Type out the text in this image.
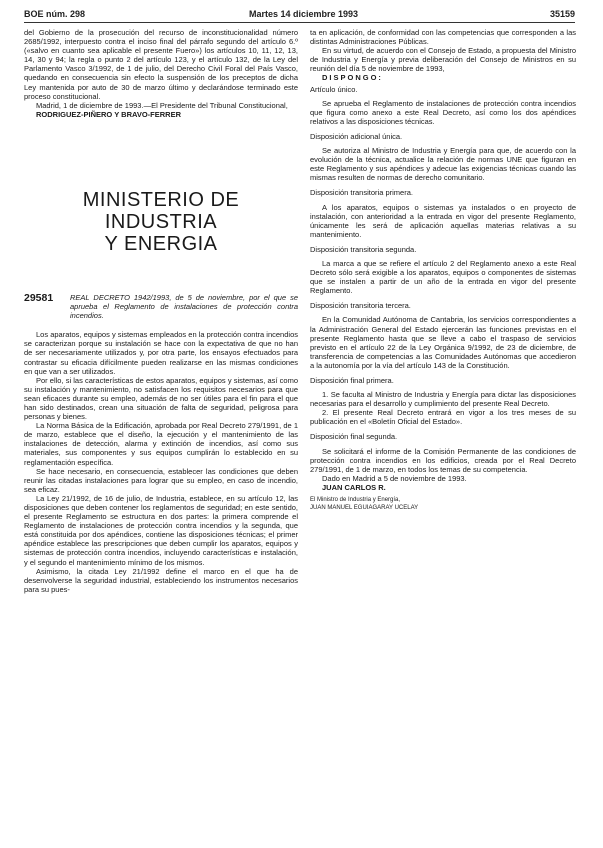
BOE núm. 298	Martes 14 diciembre 1993	35159

del Gobierno de la prosecución del recurso de inconstitucionalidad número 2685/1992, interpuesto contra el inciso final del párrafo segundo del artículo 6.º («salvo en cuanto sea aplicable el presente Fuero») los artículos 10, 11, 12, 13, 14, 30 y 94; la regla o punto 2 del artículo 123, y el artículo 132, de la Ley del Parlamento Vasco 3/1992, de 1 de julio, del Derecho Civil Foral del País Vasco, quedando en consecuencia sin efecto la suspensión de los preceptos de dicha Ley mantenida por auto de 30 de marzo último y declarándose terminado este proceso constitucional.

Madrid, 1 de diciembre de 1993.—El Presidente del Tribunal Constitucional,

RODRIGUEZ-PIÑERO Y BRAVO-FERRER

MINISTERIO DE INDUSTRIA
Y ENERGIA
29581	REAL DECRETO 1942/1993, de 5 de noviembre, por el que se aprueba el Reglamento de instalaciones de protección contra incendios.

Los aparatos, equipos y sistemas empleados en la protección contra incendios se caracterizan porque su instalación se hace con la expectativa de que no han de ser necesariamente utilizados y, por otra parte, los ensayos efectuados para contrastar su eficacia difícilmente pueden realizarse en las mismas condiciones en que van a ser utilizados.

Por ello, si las características de estos aparatos, equipos y sistemas, así como su instalación y mantenimiento, no satisfacen los requisitos necesarios para que sean eficaces durante su empleo, además de no ser útiles para el fin para el que han sido destinados, crean una situación de falta de seguridad, peligrosa para personas y bienes.

La Norma Básica de la Edificación, aprobada por Real Decreto 279/1991, de 1 de marzo, establece que el diseño, la ejecución y el mantenimiento de las instalaciones de detección, alarma y extinción de incendios, así como sus materiales, sus componentes y sus equipos cumplirán lo establecido en su reglamentación específica.

Se hace necesario, en consecuencia, establecer las condiciones que deben reunir las citadas instalaciones para lograr que su empleo, en caso de incendio, sea eficaz.

La Ley 21/1992, de 16 de julio, de Industria, establece, en su artículo 12, las disposiciones que deben contener los reglamentos de seguridad; en este sentido, el presente Reglamento se estructura en dos partes: la primera comprende el Reglamento de instalaciones de protección contra incendios y la segunda, que está constituida por dos apéndices, contiene las disposiciones técnicas; el primer apéndice establece las prescripciones que deben cumplir los aparatos, equipos y sistemas de protección contra incendios, incluyendo características e instalación, y el segundo el mantenimiento mínimo de los mismos.

Asimismo, la citada Ley 21/1992 define el marco en el que ha de desenvolverse la seguridad industrial, estableciendo los instrumentos necesarios para su pues-

ta en aplicación, de conformidad con las competencias que corresponden a las distintas Administraciones Públicas.

En su virtud, de acuerdo con el Consejo de Estado, a propuesta del Ministro de Industria y Energía y previa deliberación del Consejo de Ministros en su reunión del día 5 de noviembre de 1993,

DISPONGO:

Artículo único.

Se aprueba el Reglamento de instalaciones de protección contra incendios que figura como anexo a este Real Decreto, así como los dos apéndices relativos a las disposiciones técnicas.

Disposición adicional única.

Se autoriza al Ministro de Industria y Energía para que, de acuerdo con la evolución de la técnica, actualice la relación de normas UNE que figuran en este Reglamento y sus apéndices y adecue las exigencias técnicas cuando las mismas resulten de normas de derecho comunitario.

Disposición transitoria primera.

A los aparatos, equipos o sistemas ya instalados o en proyecto de instalación, con anterioridad a la entrada en vigor del presente Reglamento, únicamente les será de aplicación aquellas materias relativas a su mantenimiento.

Disposición transitoria segunda.

La marca a que se refiere el artículo 2 del Reglamento anexo a este Real Decreto sólo será exigible a los aparatos, equipos o componentes de sistemas que se instalen a partir de un año de la entrada en vigor del presente Reglamento.

Disposición transitoria tercera.

En la Comunidad Autónoma de Cantabria, los servicios correspondientes a la Administración General del Estado ejercerán las funciones previstas en el presente Reglamento hasta que se lleve a cabo el traspaso de servicios previsto en el artículo 22 de la Ley Orgánica 9/1992, de 23 de diciembre, de transferencia de competencias a las Comunidades Autónomas que accedieron a la autonomía por la vía del artículo 143 de la Constitución.

Disposición final primera.

1. Se faculta al Ministro de Industria y Energía para dictar las disposiciones necesarias para el desarrollo y cumplimiento del presente Real Decreto.

2. El presente Real Decreto entrará en vigor a los tres meses de su publicación en el «Boletín Oficial del Estado».

Disposición final segunda.

Se solicitará el informe de la Comisión Permanente de las condiciones de protección contra incendios en los edificios, creada por el Real Decreto 279/1991, de 1 de marzo, en todos los temas de su competencia.

Dado en Madrid a 5 de noviembre de 1993.

JUAN CARLOS R.

El Ministro de Industria y Energía,

JUAN MANUEL EGUIAGARAY UCELAY
